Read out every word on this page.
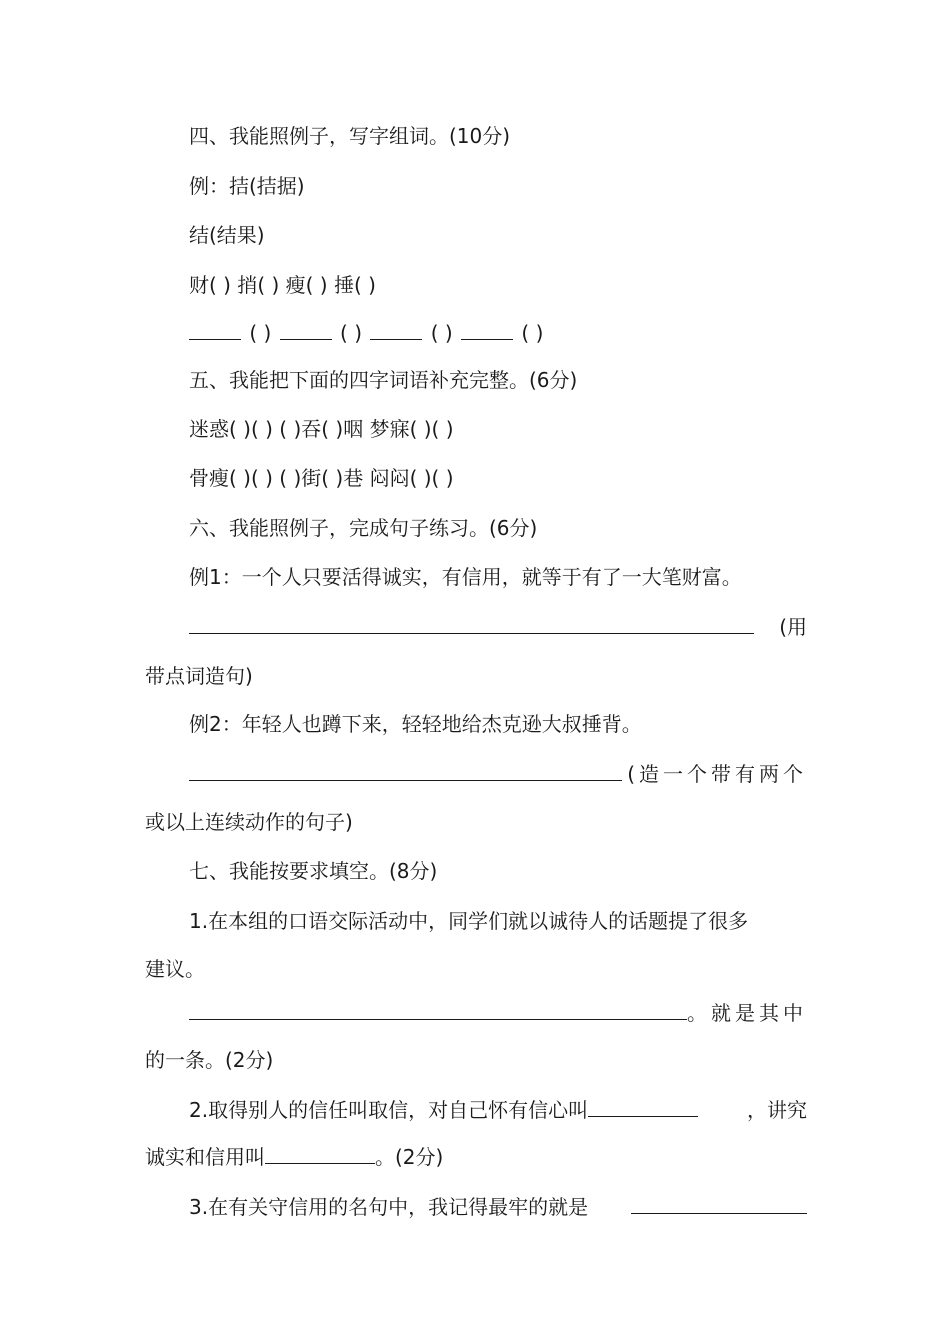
四、我能照例子，写字组词。(10分)
例：拮(拮据)
结(结果)
财( ) 捎( ) 瘦( ) 捶( )
( )	( )	( )	( )
五、我能把下面的四字词语补充完整。(6分)
迷惑( )( ) ( )吞( )咽 梦寐( )( )
骨瘦( )( ) ( )街( )巷 闷闷( )( )
六、我能照例子，完成句子练习。(6分)
例1：一个人只要活得诚实，有信用，就等于有了一大笔财富。
(用
带点词造句)
例2：年轻人也蹲下来，轻轻地给杰克逊大叔捶背。
(造一个带有两个
或以上连续动作的句子)
七、我能按要求填空。(8分)
1.在本组的口语交际活动中，同学们就以诚待人的话题提了很多
建议。
。就是其中
的一条。(2分)
2.取得别人的信任叫取信，对自己怀有信心叫	，讲究
诚实和信用叫	。(2分)
3.在有关守信用的名句中，我记得最牢的就是
